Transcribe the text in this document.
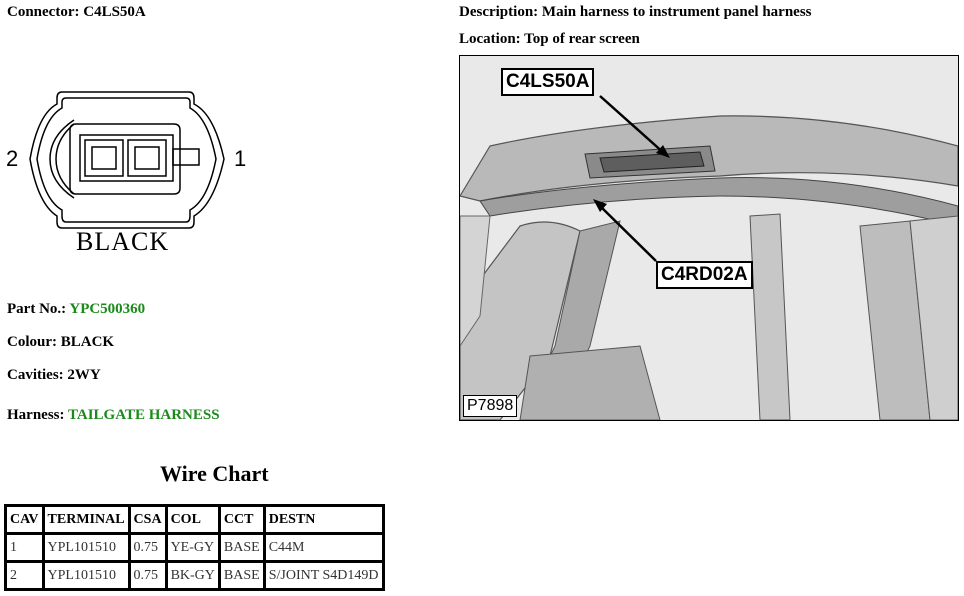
Connector: C4LS50A	Description: Main harness to instrument panel harness
Location: Top of rear screen
2	1
BLACK
Part No.: YPC500360
Colour: BLACK
Cavities: 2WY
Harness: TAILGATE HARNESS
Wire Chart
CAV	TERMINAL	CSA	COL	CCT	DESTN
1	YPL101510	0.75	YE-GY	BASE	C44M
2	YPL101510	0.75	BK-GY	BASE	S/JOINT S4D149D
C4LS50A
C4RD02A
P7898
